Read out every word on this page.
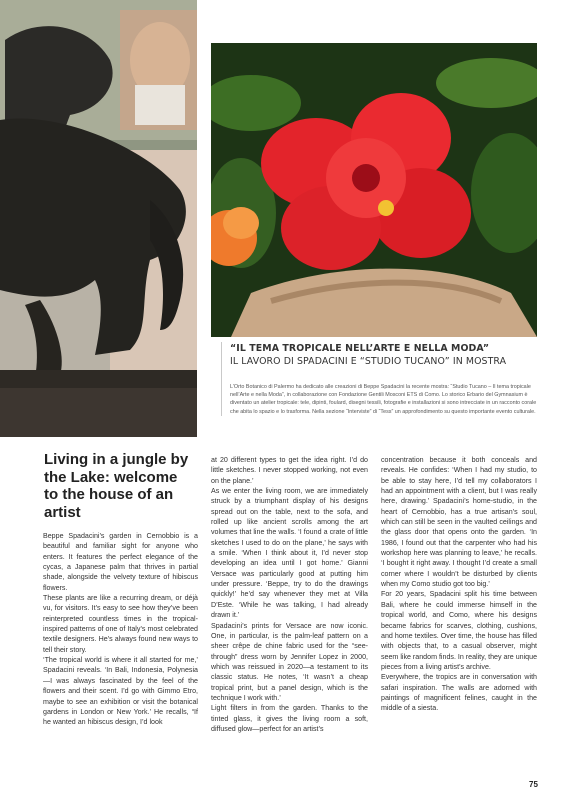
“IL TEMA TROPICALE NELL’ARTE E NELLA MODA”
IL LAVORO DI SPADACINI E “STUDIO TUCANO” IN MOSTRA

L’Orto Botanico di Palermo ha dedicato alle creazioni di Beppe Spadacini la recente mostra: “Studio Tucano – Il tema tropicale nell’Arte e nella Moda”, in collaborazione con Fondazione Gentili Mosconi ETS di Como. Lo storico Erbario del Gymnasium è diventato un atelier tropicale: tele, dipinti, foulard, disegni tessili, fotografie e installazioni si sono intrecciate in un racconto corale che abita lo spazio e lo trasforma. Nella sezione “Interviste” di “Tess” un approfondimento su questo importante evento culturale.

Living in a jungle by the Lake: welcome to the house of an artist

Beppe Spadacini’s garden in Cernobbio is a beautiful and familiar sight for anyone who enters. It features the perfect elegance of the cycas, a Japanese palm that thrives in partial shade, alongside the velvety texture of hibiscus flowers.

These plants are like a recurring dream, or déjà vu, for visitors. It’s easy to see how they’ve been reinterpreted countless times in the tropical-inspired patterns of one of Italy’s most celebrated textile designers. He’s always found new ways to tell their story.

‘The tropical world is where it all started for me,’ Spadacini reveals. ‘In Bali, Indonesia, Polynesia—I was always fascinated by the feel of the flowers and their scent. I’d go with Gimmo Etro, maybe to see an exhibition or visit the botanical gardens in London or New York.’ He recalls, “If he wanted an hibiscus design, I’d look

at 20 different types to get the idea right. I’d do little sketches. I never stopped working, not even on the plane.’

As we enter the living room, we are immediately struck by a triumphant display of his designs spread out on the table, next to the sofa, and rolled up like ancient scrolls among the art volumes that line the walls. ‘I found a crate of little sketches I used to do on the plane,’ he says with a smile. ‘When I think about it, I’d never stop developing an idea until I got home.’ Gianni Versace was particularly good at putting him under pressure. ‘Beppe, try to do the drawings quickly!’ he’d say whenever they met at Villa D’Este. ‘While he was talking, I had already drawn it.’

Spadacini’s prints for Versace are now iconic. One, in particular, is the palm-leaf pattern on a sheer crêpe de chine fabric used for the “see-through” dress worn by Jennifer Lopez in 2000, which was reissued in 2020—a testament to its classic status. He notes, ‘It wasn’t a cheap tropical print, but a panel design, which is the technique I work with.’

Light filters in from the garden. Thanks to the tinted glass, it gives the living room a soft, diffused glow—perfect for an artist’s

concentration because it both conceals and reveals. He confides: ‘When I had my studio, to be able to stay here, I’d tell my collaborators I had an appointment with a client, but I was really here, drawing.’ Spadacini’s home-studio, in the heart of Cernobbio, has a true artisan’s soul, which can still be seen in the vaulted ceilings and the glass door that opens onto the garden. ‘In 1986, I found out that the carpenter who had his workshop here was planning to leave,’ he recalls. ‘I bought it right away. I thought I’d create a small corner where I wouldn’t be disturbed by clients when my Como studio got too big.’

For 20 years, Spadacini split his time between Bali, where he could immerse himself in the tropical world, and Como, where his designs became fabrics for scarves, clothing, cushions, and home textiles. Over time, the house has filled with objects that, to a casual observer, might seem like random finds. In reality, they are unique pieces from a living artist’s archive.

Everywhere, the tropics are in conversation with safari inspiration. The walls are adorned with paintings of magnificent felines, caught in the middle of a siesta.

75
